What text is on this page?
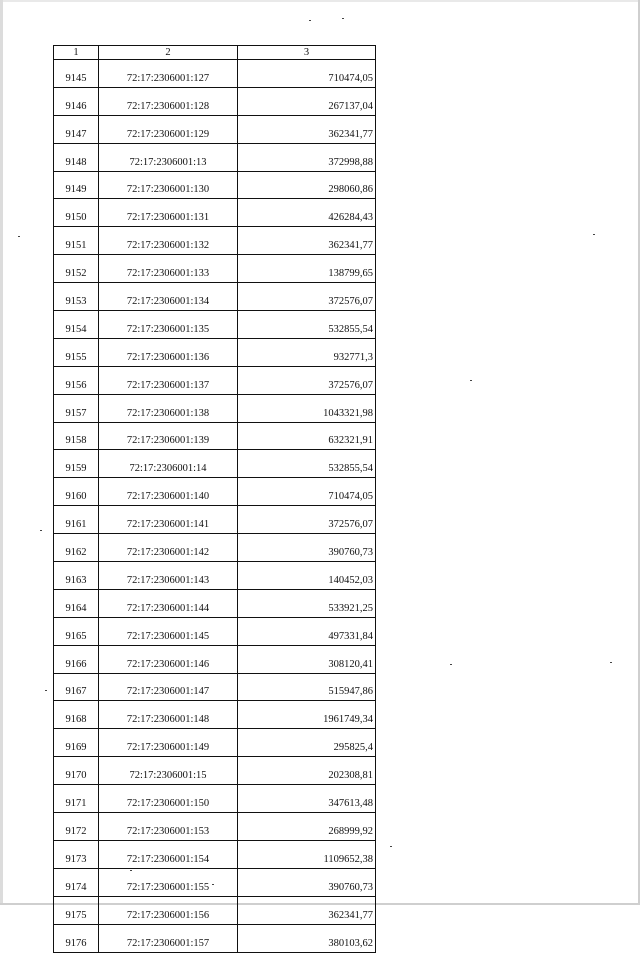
1	2	3
9145	72:17:2306001:127	710474,05
9146	72:17:2306001:128	267137,04
9147	72:17:2306001:129	362341,77
9148	72:17:2306001:13	372998,88
9149	72:17:2306001:130	298060,86
9150	72:17:2306001:131	426284,43
9151	72:17:2306001:132	362341,77
9152	72:17:2306001:133	138799,65
9153	72:17:2306001:134	372576,07
9154	72:17:2306001:135	532855,54
9155	72:17:2306001:136	932771,3
9156	72:17:2306001:137	372576,07
9157	72:17:2306001:138	1043321,98
9158	72:17:2306001:139	632321,91
9159	72:17:2306001:14	532855,54
9160	72:17:2306001:140	710474,05
9161	72:17:2306001:141	372576,07
9162	72:17:2306001:142	390760,73
9163	72:17:2306001:143	140452,03
9164	72:17:2306001:144	533921,25
9165	72:17:2306001:145	497331,84
9166	72:17:2306001:146	308120,41
9167	72:17:2306001:147	515947,86
9168	72:17:2306001:148	1961749,34
9169	72:17:2306001:149	295825,4
9170	72:17:2306001:15	202308,81
9171	72:17:2306001:150	347613,48
9172	72:17:2306001:153	268999,92
9173	72:17:2306001:154	1109652,38
9174	72:17:2306001:155	390760,73
9175	72:17:2306001:156	362341,77
9176	72:17:2306001:157	380103,62
